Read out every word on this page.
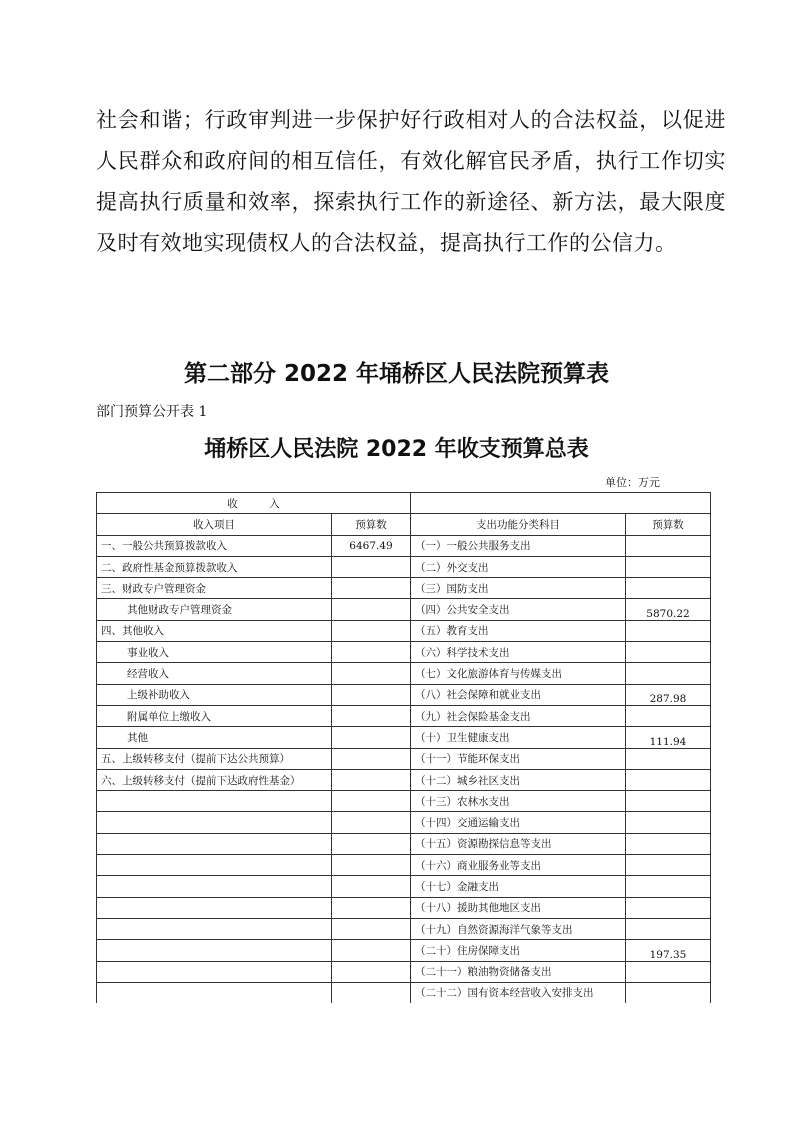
社会和谐；行政审判进一步保护好行政相对人的合法权益，以促进人民群众和政府间的相互信任，有效化解官民矛盾，执行工作切实提高执行质量和效率，探索执行工作的新途径、新方法，最大限度及时有效地实现债权人的合法权益，提高执行工作的公信力。

第二部分 2022 年埇桥区人民法院预算表

部门预算公开表 1

埇桥区人民法院 2022 年收支预算总表

单位：万元

收　　　入			
收入项目	预算数	支出功能分类科目	预算数
一、一般公共预算拨款收入	6467.49	（一）一般公共服务支出	
二、政府性基金预算拨款收入		（二）外交支出	
三、财政专户管理资金		（三）国防支出	
其他财政专户管理资金		（四）公共安全支出	5870.22
四、其他收入		（五）教育支出	
事业收入		（六）科学技术支出	
经营收入		（七）文化旅游体育与传媒支出	
上级补助收入		（八）社会保障和就业支出	287.98
附属单位上缴收入		（九）社会保险基金支出	
其他		（十）卫生健康支出	111.94
五、上级转移支付（提前下达公共预算）		（十一）节能环保支出	
六、上级转移支付（提前下达政府性基金）		（十二）城乡社区支出	
		（十三）农林水支出	
		（十四）交通运输支出	
		（十五）资源勘探信息等支出	
		（十六）商业服务业等支出	
		（十七）金融支出	
		（十八）援助其他地区支出	
		（十九）自然资源海洋气象等支出	
		（二十）住房保障支出	197.35
		（二十一）粮油物资储备支出	
		（二十二）国有资本经营收入安排支出	
